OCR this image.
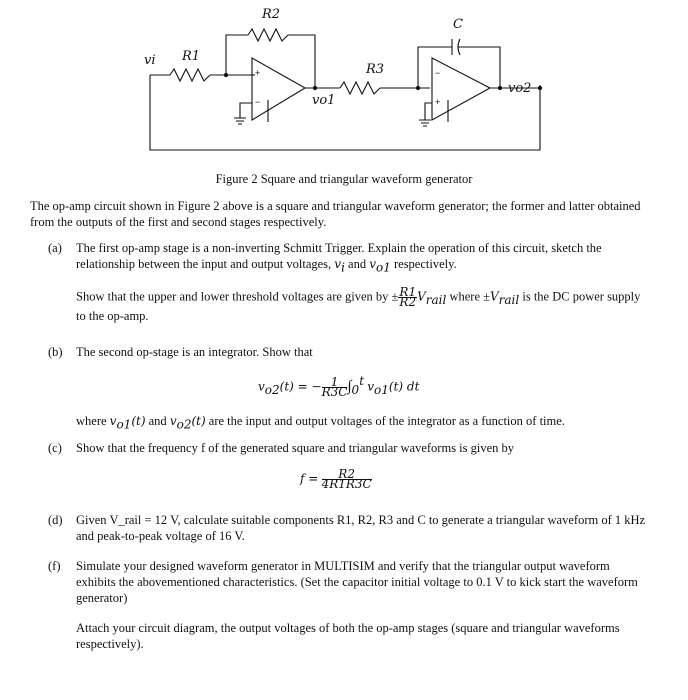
+
−
−
+
R2
C
R1
R3
vi
vo1
vo2
Figure 2 Square and triangular waveform generator
The op-amp circuit shown in Figure 2 above is a square and triangular waveform generator; the former and latter obtained from the outputs of the first and second stages respectively.
(a) The first op-amp stage is a non-inverting Schmitt Trigger. Explain the operation of this circuit, sketch the relationship between the input and output voltages, $v_i$ and $v_{o1}$ respectively.
Show that the upper and lower threshold voltages are given by ± $\frac{R1}{R2} V_{rail}$ where $\pm V_{rail}$ is the DC power supply to the op-amp.
(b) The second op-stage is an integrator. Show that
$v_{o2}(t)$ = − $\frac{1}{R3C} \int_0^t$ $v_{o1}(t)$ dt
where $v_{o1}(t)$ and $v_{o2}(t)$ are the input and output voltages of the integrator as a function of time.
(c) Show that the frequency f of the generated square and triangular waveforms is given by
$f = \frac{R2}{4R1R3C}$
(d) Given V_rail = 12 V, calculate suitable components R1, R2, R3 and C to generate a triangular waveform of 1 kHz and peak-to-peak voltage of 16 V.
(f) Simulate your designed waveform generator in MULTISIM and verify that the triangular output waveform exhibits the abovementioned characteristics. (Set the capacitor initial voltage to 0.1 V to kick start the waveform generator)
Attach your circuit diagram, the output voltages of both the op-amp stages (square and triangular waveforms respectively).
